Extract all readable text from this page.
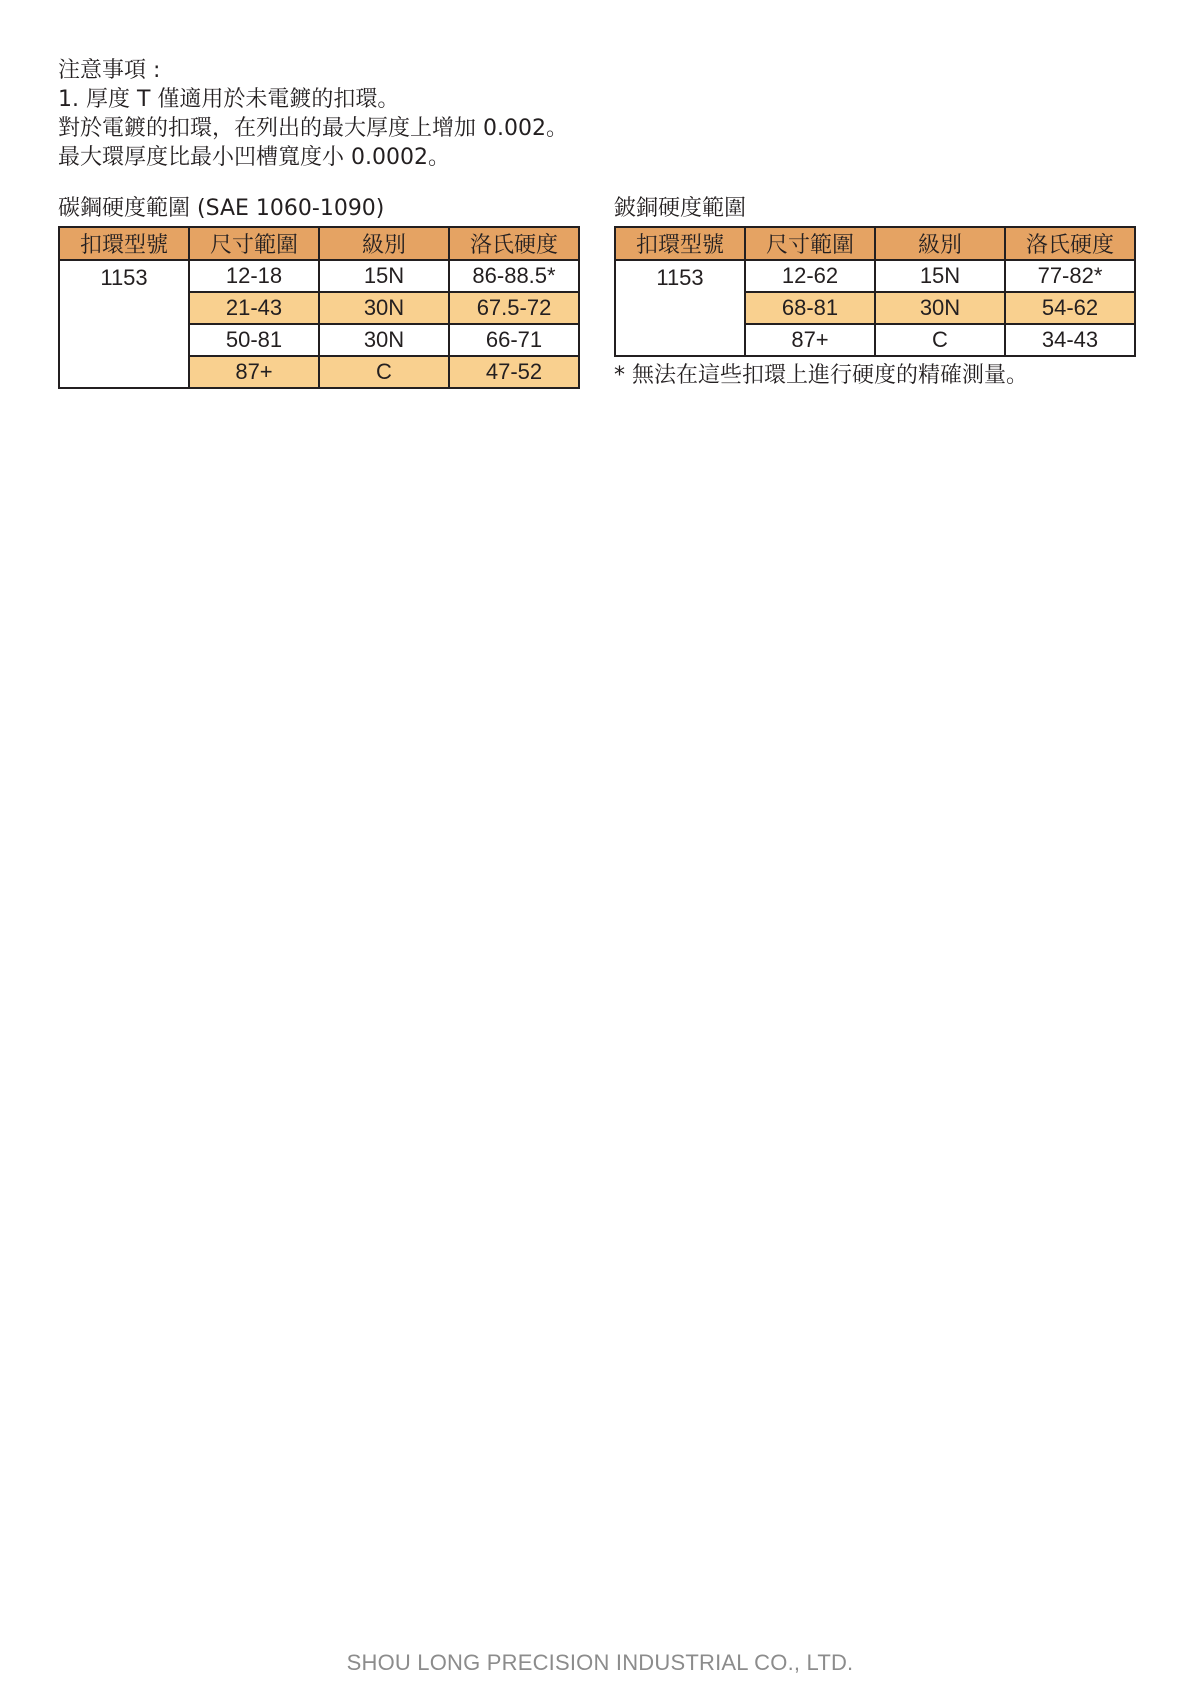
注意事項 :
1. 厚度 T 僅適用於未電鍍的扣環。
對於電鍍的扣環，在列出的最大厚度上增加 0.002。
最大環厚度比最小凹槽寬度小 0.0002。
碳鋼硬度範圍 (SAE 1060-1090)
扣環型號	尺寸範圍	級別	洛氏硬度
1153	12-18	15N	86-88.5*
	21-43	30N	67.5-72
	50-81	30N	66-71
	87+	C	47-52
鈹銅硬度範圍
扣環型號	尺寸範圍	級別	洛氏硬度
1153	12-62	15N	77-82*
	68-81	30N	54-62
	87+	C	34-43
* 無法在這些扣環上進行硬度的精確測量。
SHOU LONG PRECISION INDUSTRIAL CO., LTD.
